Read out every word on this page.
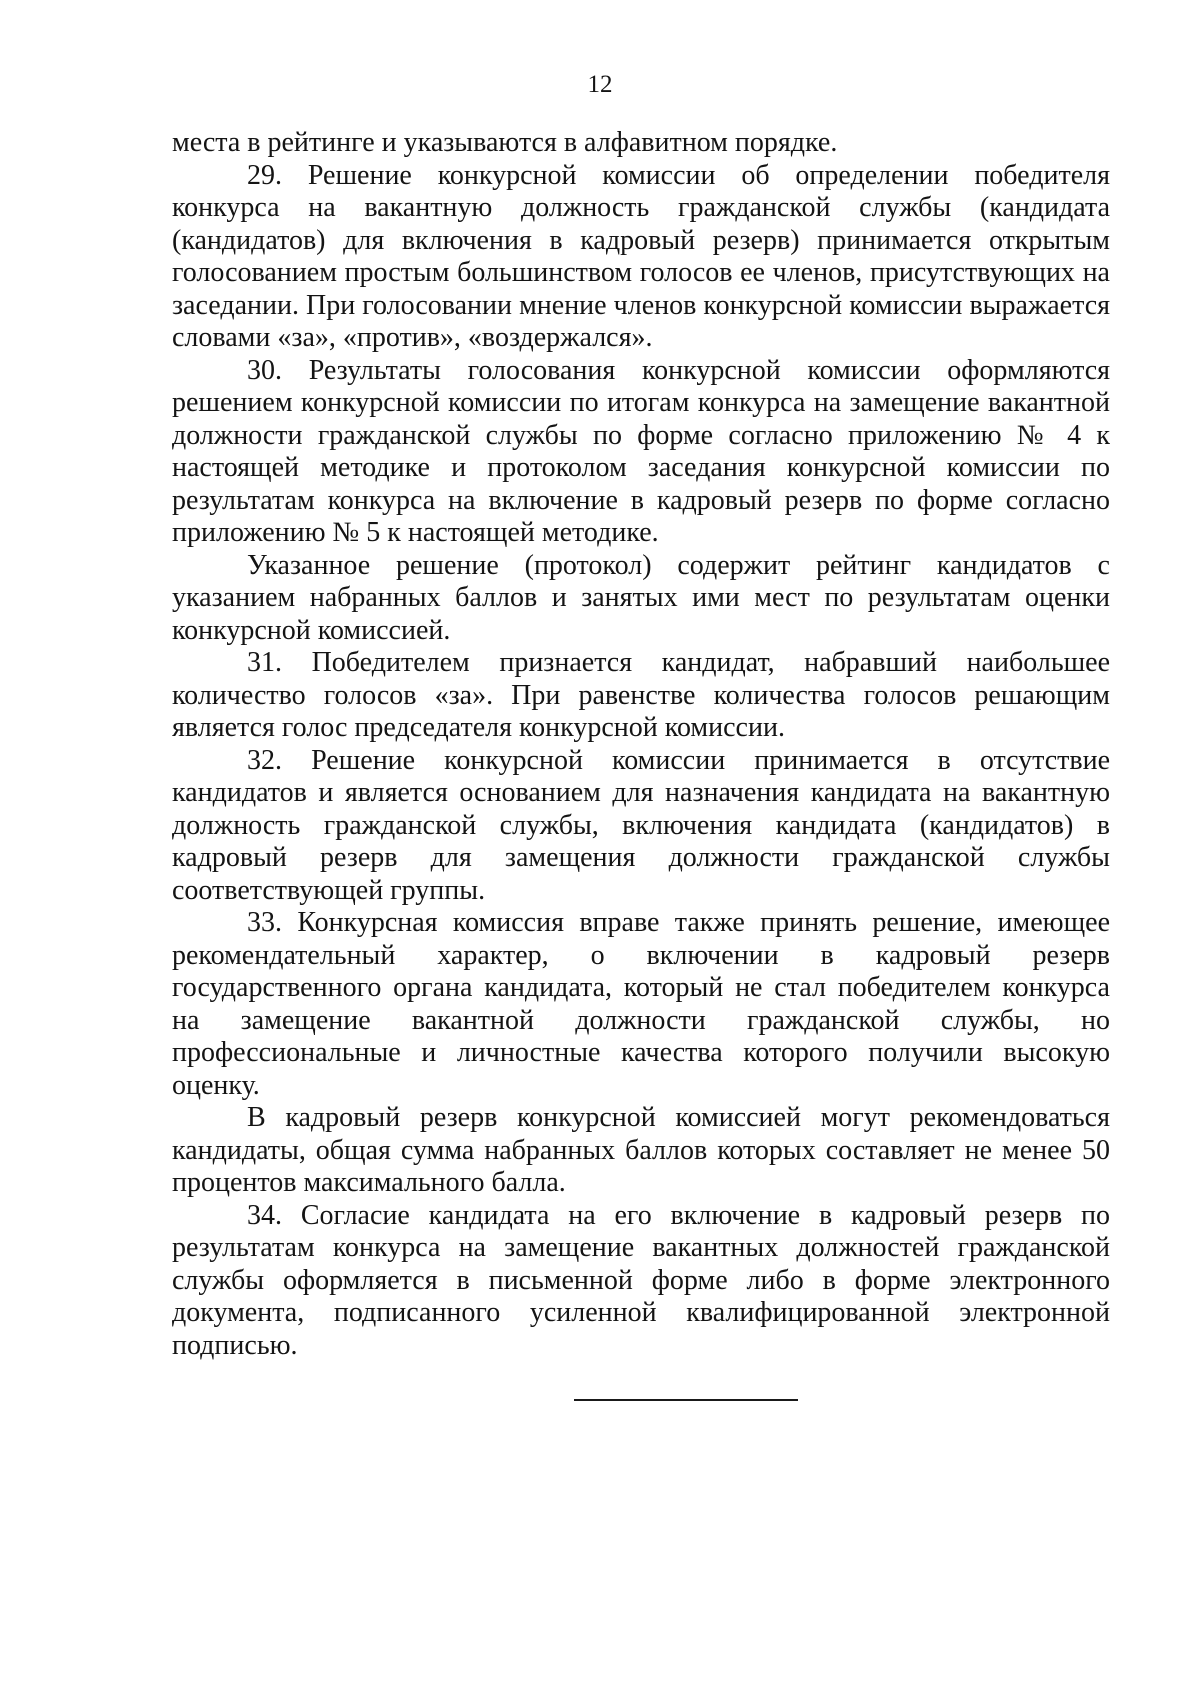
12

места в рейтинге и указываются в алфавитном порядке.

29. Решение конкурсной комиссии об определении победителя конкурса на вакантную должность гражданской службы (кандидата (кандидатов) для включения в кадровый резерв) принимается открытым голосованием простым большинством голосов ее членов, присутствующих на заседании. При голосовании мнение членов конкурсной комиссии выражается словами «за», «против», «воздержался».

30. Результаты голосования конкурсной комиссии оформляются решением конкурсной комиссии по итогам конкурса на замещение вакантной должности гражданской службы по форме согласно приложению № 4 к настоящей методике и протоколом заседания конкурсной комиссии по результатам конкурса на включение в кадровый резерв по форме согласно приложению № 5 к настоящей методике.

Указанное решение (протокол) содержит рейтинг кандидатов с указанием набранных баллов и занятых ими мест по результатам оценки конкурсной комиссией.

31. Победителем признается кандидат, набравший наибольшее количество голосов «за». При равенстве количества голосов решающим является голос председателя конкурсной комиссии.

32. Решение конкурсной комиссии принимается в отсутствие кандидатов и является основанием для назначения кандидата на вакантную должность гражданской службы, включения кандидата (кандидатов) в кадровый резерв для замещения должности гражданской службы соответствующей группы.

33. Конкурсная комиссия вправе также принять решение, имеющее рекомендательный характер, о включении в кадровый резерв государственного органа кандидата, который не стал победителем конкурса на замещение вакантной должности гражданской службы, но профессиональные и личностные качества которого получили высокую оценку.

В кадровый резерв конкурсной комиссией могут рекомендоваться кандидаты, общая сумма набранных баллов которых составляет не менее 50 процентов максимального балла.

34. Согласие кандидата на его включение в кадровый резерв по результатам конкурса на замещение вакантных должностей гражданской службы оформляется в письменной форме либо в форме электронного документа, подписанного усиленной квалифицированной электронной подписью.
